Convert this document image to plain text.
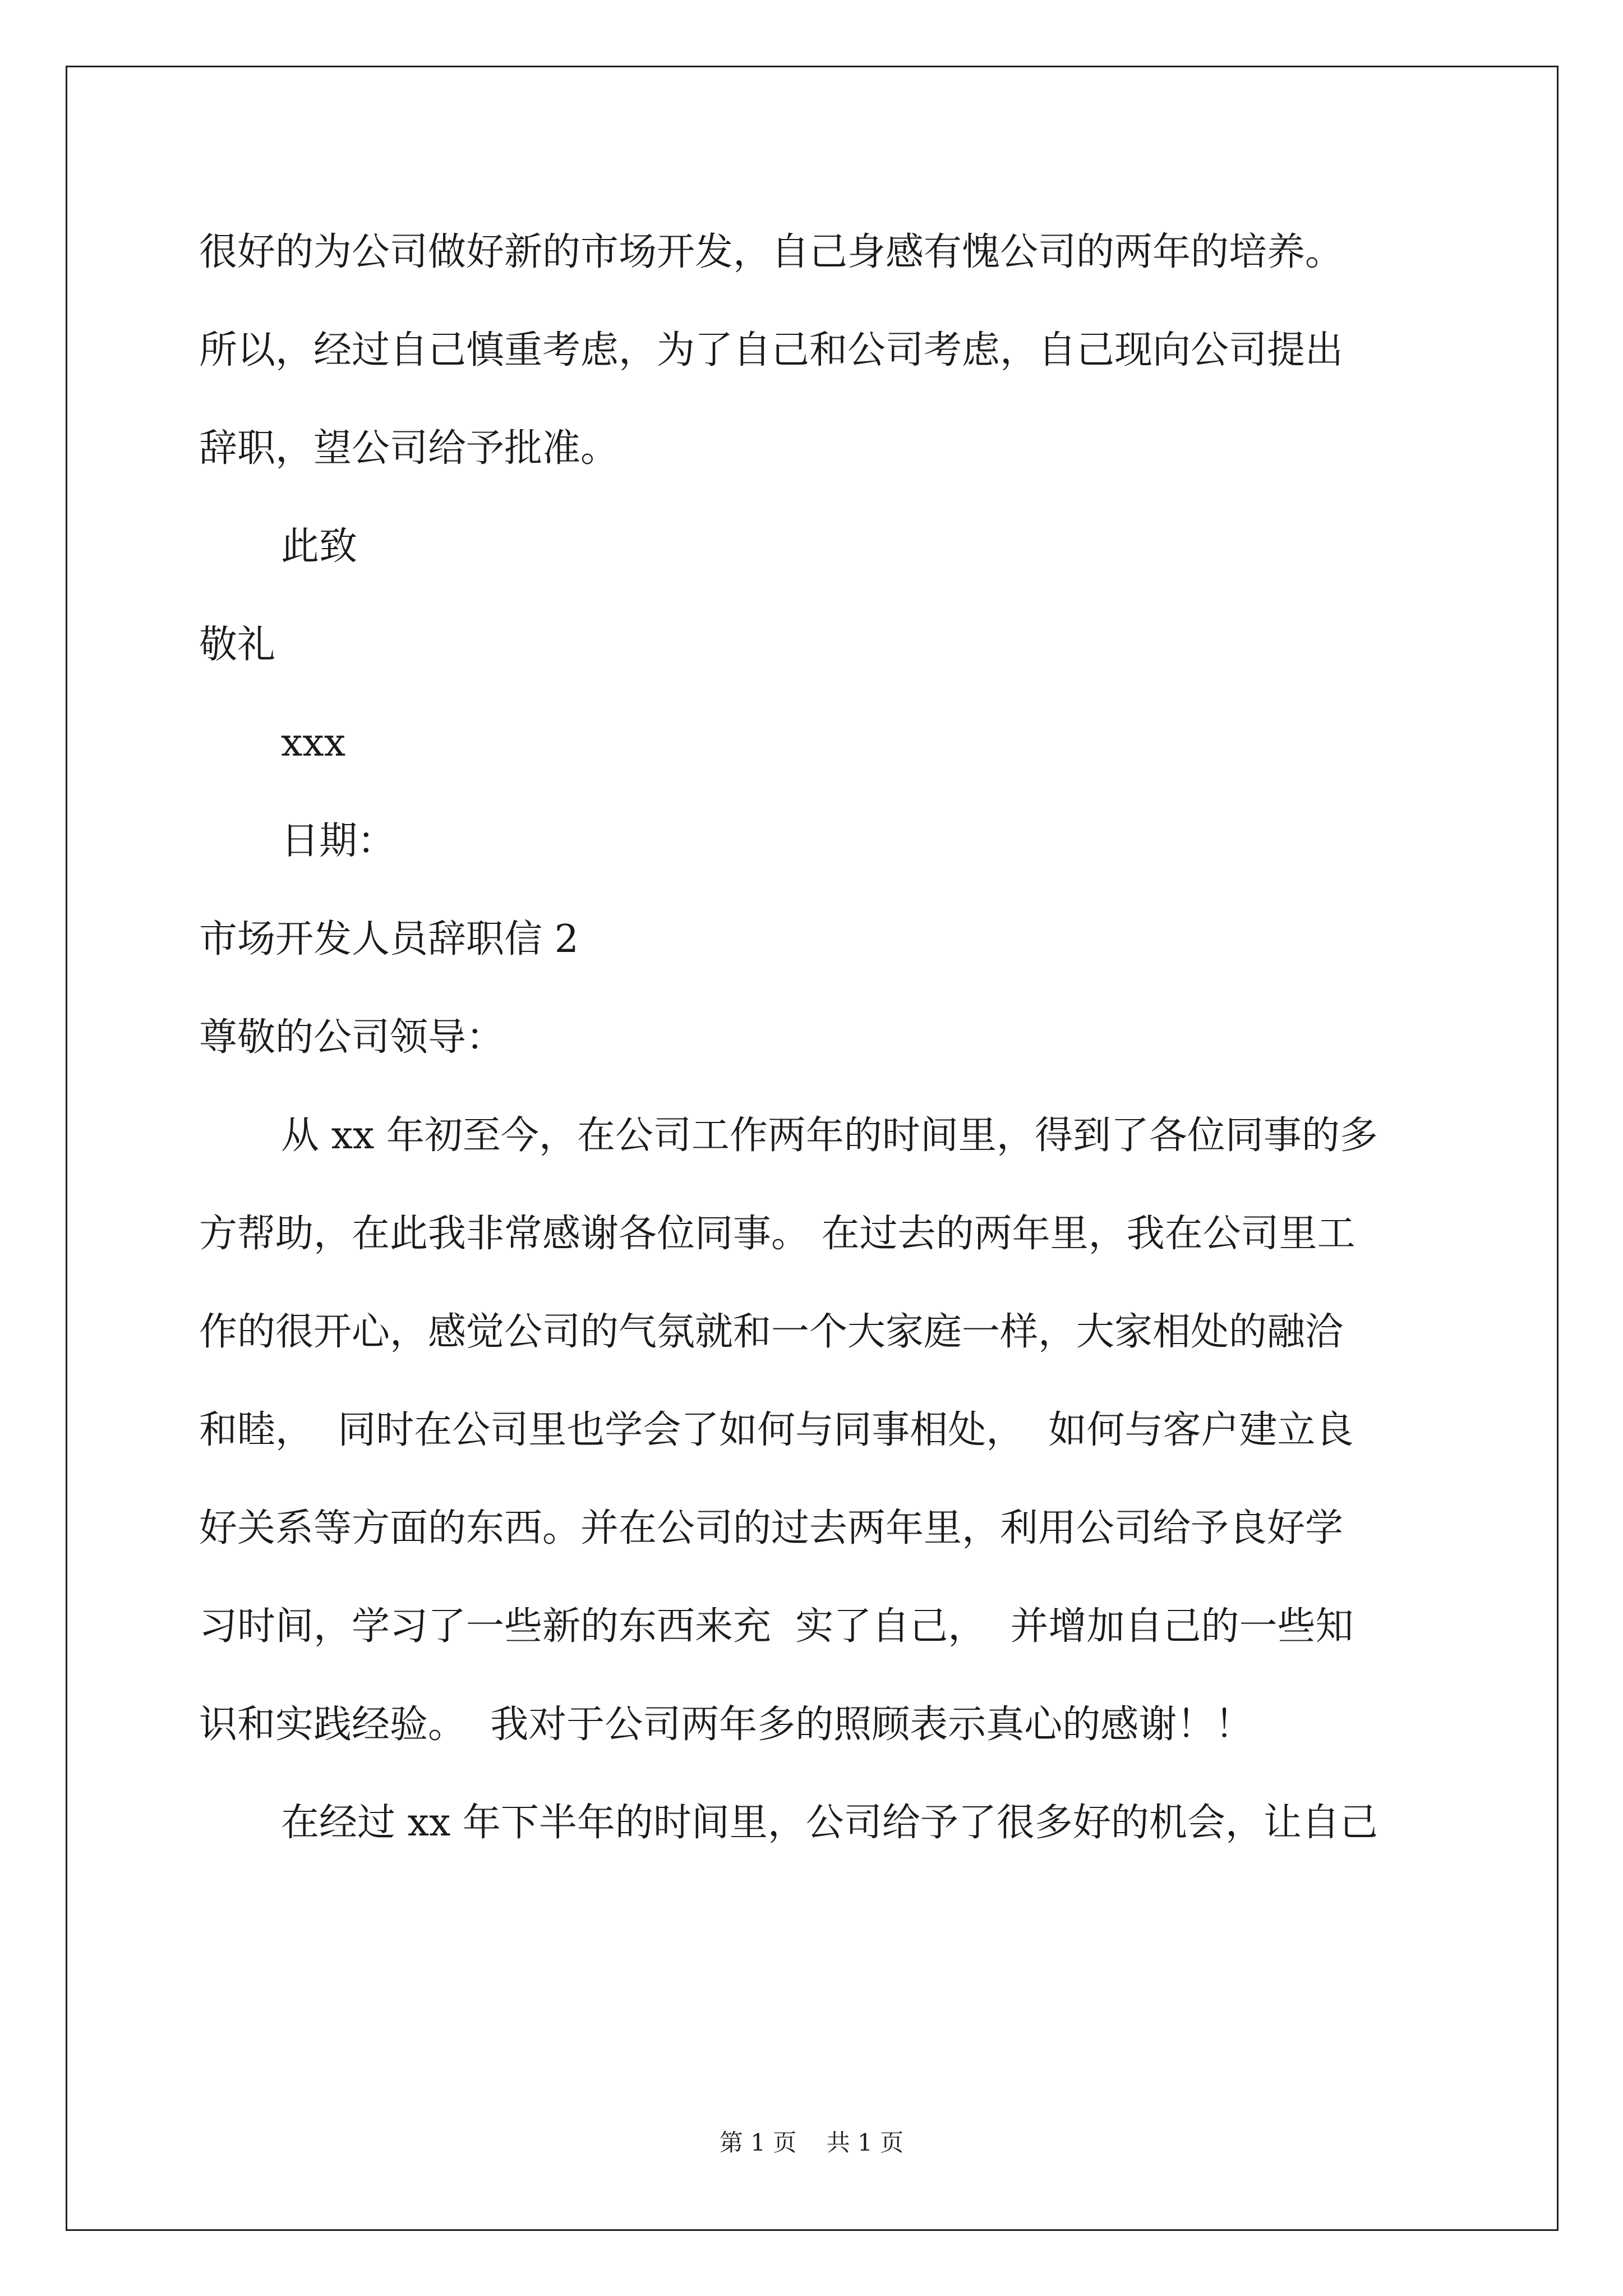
很好的为公司做好新的市场开发，自己身感有愧公司的两年的培养。
所以，经过自己慎重考虑，为了自己和公司考虑，自己现向公司提出
辞职，望公司给予批准。
此致
敬礼
xxx
日期：
市场开发人员辞职信 2
尊敬的公司领导：
从 xx 年初至今，在公司工作两年的时间里，得到了各位同事的多
方帮助，在此我非常感谢各位同事。 在过去的两年里，我在公司里工
作的很开心，感觉公司的气氛就和一个大家庭一样，大家相处的融洽
和睦，  同时在公司里也学会了如何与同事相处，  如何与客户建立良
好关系等方面的东西。并在公司的过去两年里，利用公司给予良好学
习时间，学习了一些新的东西来充  实了自己，  并增加自己的一些知
识和实践经验。  我对于公司两年多的照顾表示真心的感谢！！
在经过 xx 年下半年的时间里，公司给予了很多好的机会，让自己
第 1 页    共 1 页
